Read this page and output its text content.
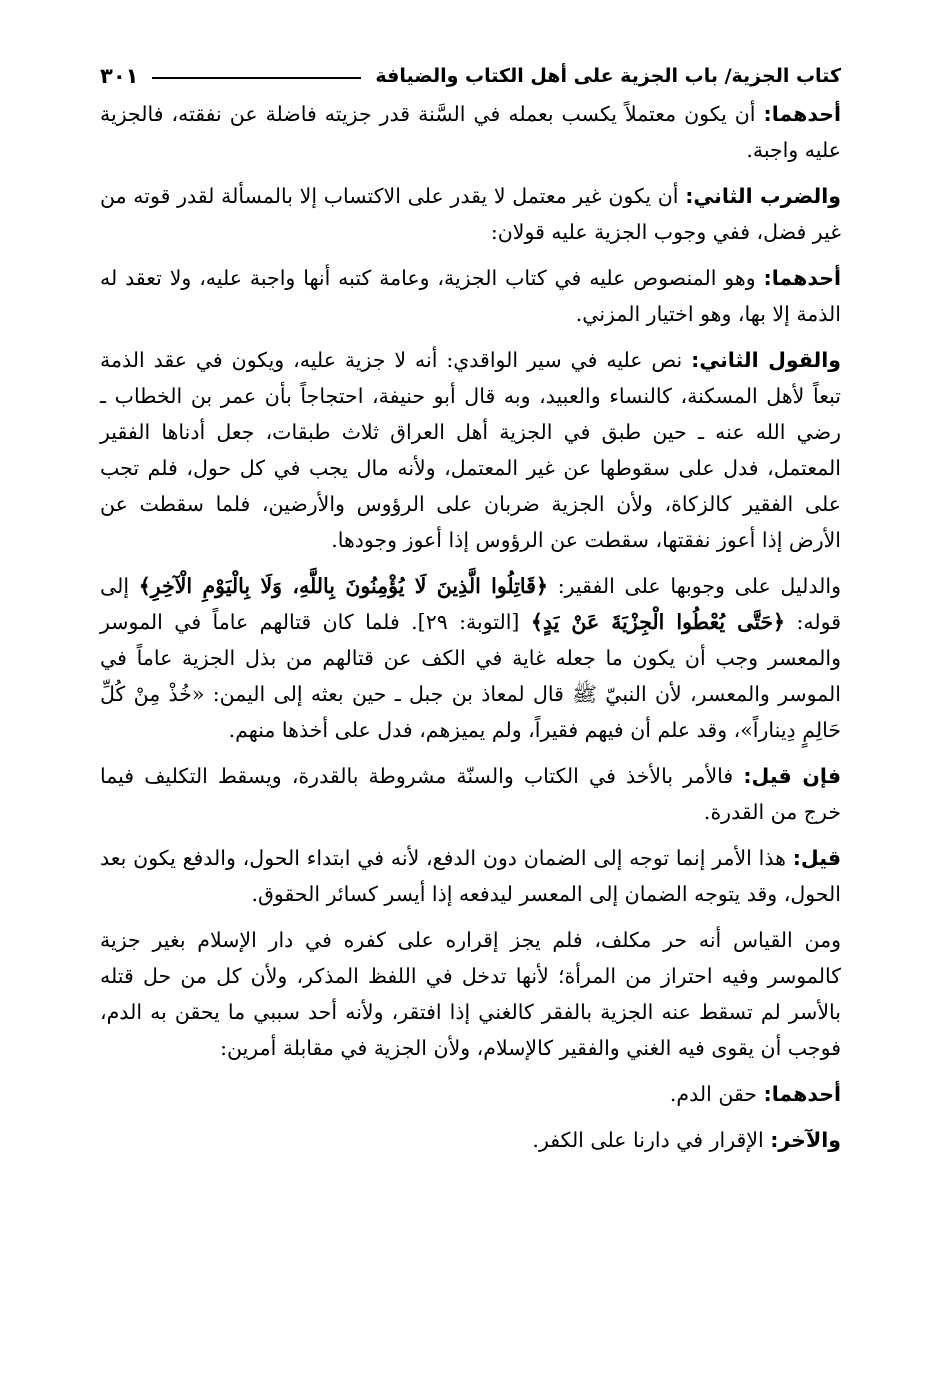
كتاب الجزية/ باب الجزية على أهل الكتاب والضيافة
٣٠١

أحدهما: أن يكون معتملاً يكسب بعمله في السَّنة قدر جزيته فاضلة عن نفقته، فالجزية عليه واجبة.

والضرب الثاني: أن يكون غير معتمل لا يقدر على الاكتساب إلا بالمسألة لقدر قوته من غير فضل، ففي وجوب الجزية عليه قولان:

أحدهما: وهو المنصوص عليه في كتاب الجزية، وعامة كتبه أنها واجبة عليه، ولا تعقد له الذمة إلا بها، وهو اختيار المزني.

والقول الثاني: نص عليه في سير الواقدي: أنه لا جزية عليه، ويكون في عقد الذمة تبعاً لأهل المسكنة، كالنساء والعبيد، وبه قال أبو حنيفة، احتجاجاً بأن عمر بن الخطاب ـ رضي الله عنه ـ حين طبق في الجزية أهل العراق ثلاث طبقات، جعل أدناها الفقير المعتمل، فدل على سقوطها عن غير المعتمل، ولأنه مال يجب في كل حول، فلم تجب على الفقير كالزكاة، ولأن الجزية ضربان على الرؤوس والأرضين، فلما سقطت عن الأرض إذا أعوز نفقتها، سقطت عن الرؤوس إذا أعوز وجودها.

والدليل على وجوبها على الفقير: ﴿قَاتِلُوا الَّذِينَ لَا يُؤْمِنُونَ بِاللَّهِ، وَلَا بِالْيَوْمِ الْآخِرِ﴾ إلى قوله: ﴿حَتَّى يُعْطُوا الْجِزْيَةَ عَنْ يَدٍ﴾ [التوبة: ٢٩]. فلما كان قتالهم عاماً في الموسر والمعسر وجب أن يكون ما جعله غاية في الكف عن قتالهم من بذل الجزية عاماً في الموسر والمعسر، لأن النبيّ ﷺ قال لمعاذ بن جبل ـ حين بعثه إلى اليمن: «خُذْ مِنْ كُلِّ حَالِمٍ دِيناراً»، وقد علم أن فيهم فقيراً، ولم يميزهم، فدل على أخذها منهم.

فإن قيل: فالأمر بالأخذ في الكتاب والسنّة مشروطة بالقدرة، ويسقط التكليف فيما خرج من القدرة.

قيل: هذا الأمر إنما توجه إلى الضمان دون الدفع، لأنه في ابتداء الحول، والدفع يكون بعد الحول، وقد يتوجه الضمان إلى المعسر ليدفعه إذا أيسر كسائر الحقوق.

ومن القياس أنه حر مكلف، فلم يجز إقراره على كفره في دار الإسلام بغير جزية كالموسر وفيه احتراز من المرأة؛ لأنها تدخل في اللفظ المذكر، ولأن كل من حل قتله بالأسر لم تسقط عنه الجزية بالفقر كالغني إذا افتقر، ولأنه أحد سببي ما يحقن به الدم، فوجب أن يقوى فيه الغني والفقير كالإسلام، ولأن الجزية في مقابلة أمرين:

أحدهما: حقن الدم.

والآخر: الإقرار في دارنا على الكفر.
